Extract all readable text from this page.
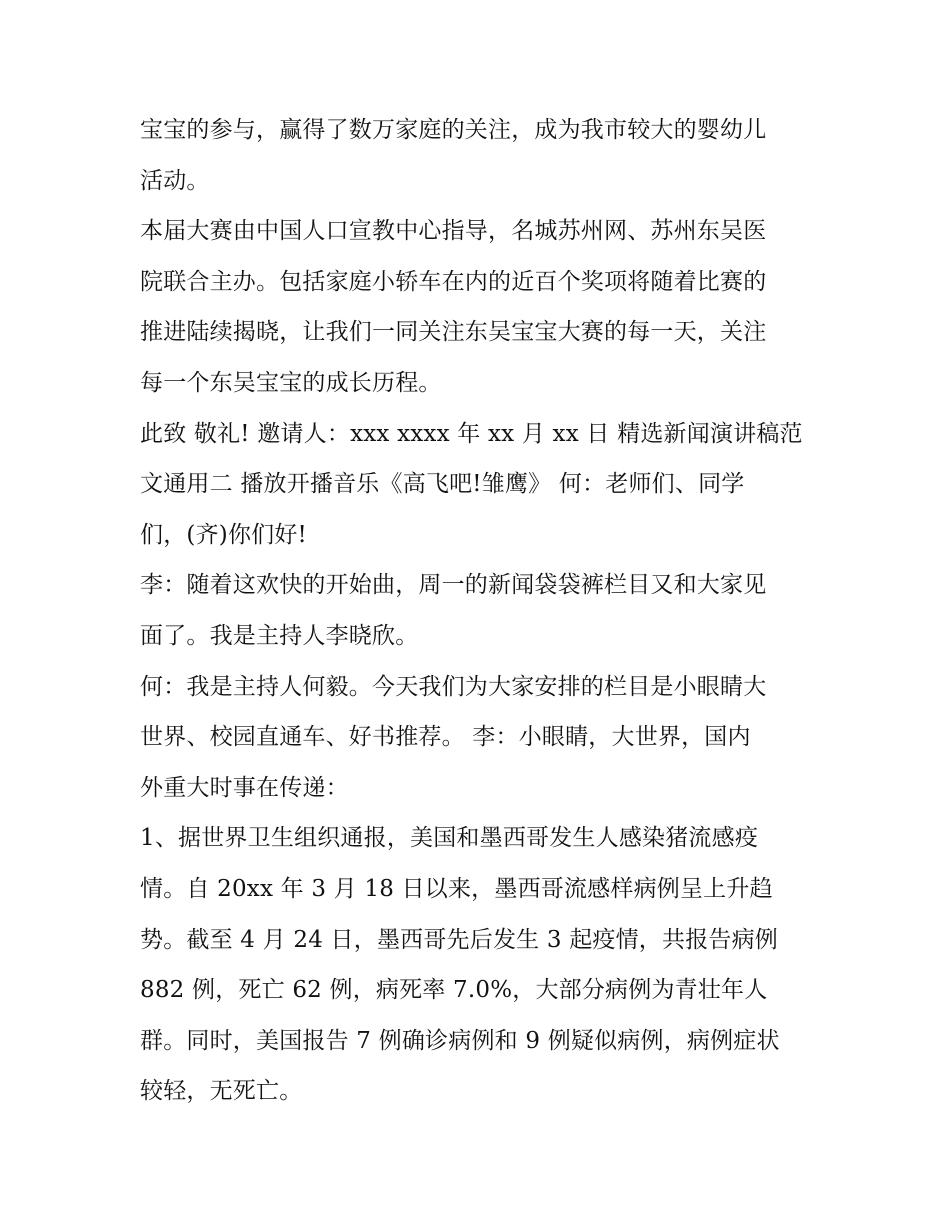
宝宝的参与，赢得了数万家庭的关注，成为我市较大的婴幼儿
活动。
本届大赛由中国人口宣教中心指导，名城苏州网、苏州东吴医
院联合主办。包括家庭小轿车在内的近百个奖项将随着比赛的
推进陆续揭晓，让我们一同关注东吴宝宝大赛的每一天，关注
每一个东吴宝宝的成长历程。
此致 敬礼! 邀请人：xxx xxxx 年 xx 月 xx 日 精选新闻演讲稿范
文通用二 播放开播音乐《高飞吧!雏鹰》 何：老师们、同学
们，(齐)你们好!
李：随着这欢快的开始曲，周一的新闻袋袋裤栏目又和大家见
面了。我是主持人李晓欣。
何：我是主持人何毅。今天我们为大家安排的栏目是小眼睛大
世界、校园直通车、好书推荐。 李：小眼睛，大世界，国内
外重大时事在传递：
1、据世界卫生组织通报，美国和墨西哥发生人感染猪流感疫
情。自 20xx 年 3 月 18 日以来，墨西哥流感样病例呈上升趋
势。截至 4 月 24 日，墨西哥先后发生 3 起疫情，共报告病例
882 例，死亡 62 例，病死率 7.0%，大部分病例为青壮年人
群。同时，美国报告 7 例确诊病例和 9 例疑似病例，病例症状
较轻，无死亡。
